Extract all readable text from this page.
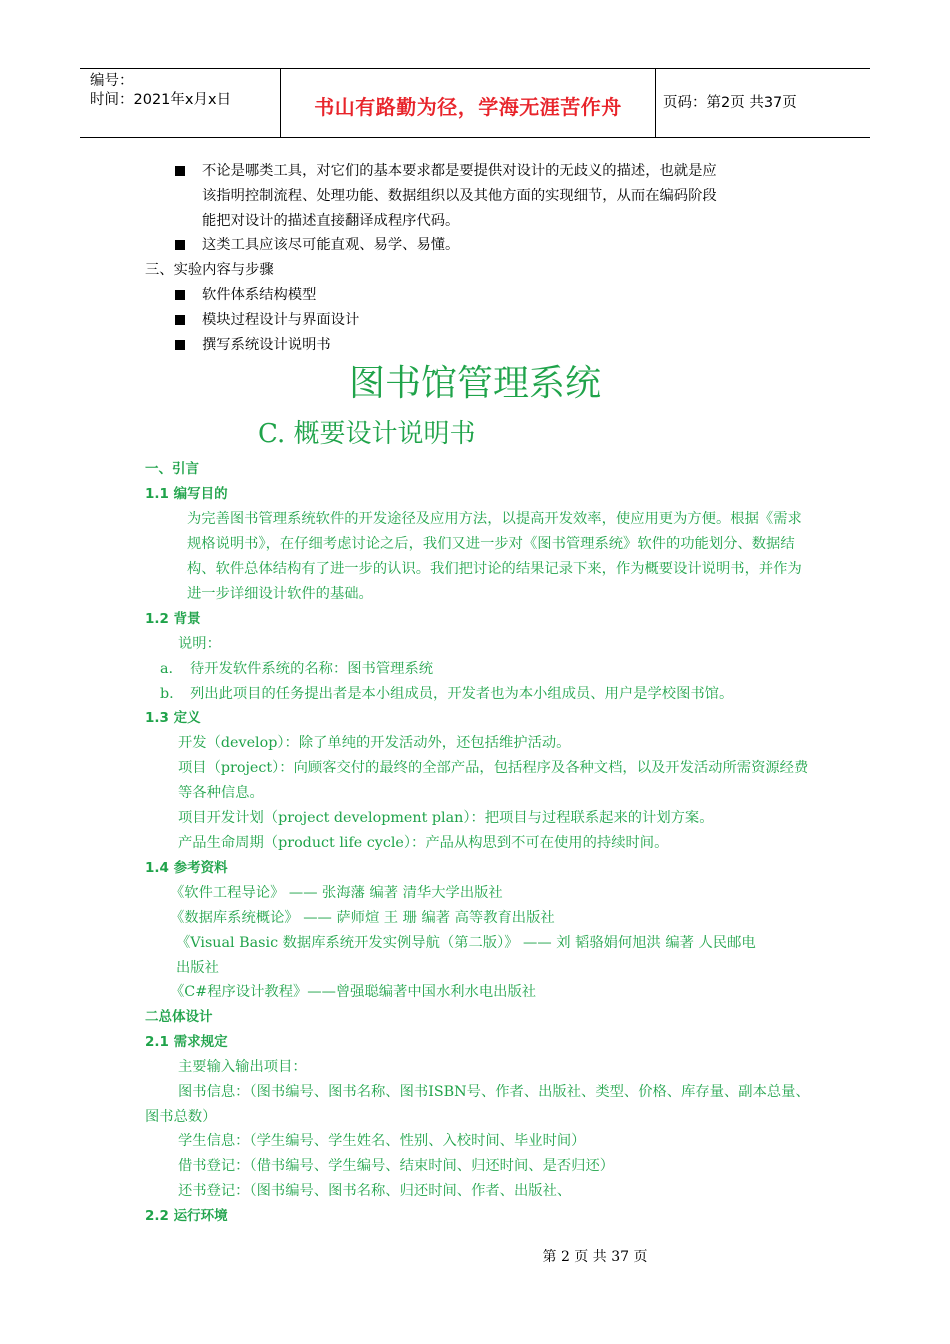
编号：
时间：2021年x月x日	书山有路勤为径，学海无涯苦作舟	页码：第2页 共37页
不论是哪类工具，对它们的基本要求都是要提供对设计的无歧义的描述，也就是应
该指明控制流程、处理功能、数据组织以及其他方面的实现细节，从而在编码阶段
能把对设计的描述直接翻译成程序代码。
这类工具应该尽可能直观、易学、易懂。
三、实验内容与步骤
软件体系结构模型
模块过程设计与界面设计
撰写系统设计说明书
图书馆管理系统
C. 概要设计说明书
一、引言
1.1 编写目的
为完善图书管理系统软件的开发途径及应用方法，以提高开发效率，使应用更为方便。根据《需求
规格说明书》，在仔细考虑讨论之后，我们又进一步对《图书管理系统》软件的功能划分、数据结
构、软件总体结构有了进一步的认识。我们把讨论的结果记录下来，作为概要设计说明书，并作为
进一步详细设计软件的基础。
1.2 背景
说明：
a. 待开发软件系统的名称：图书管理系统
b. 列出此项目的任务提出者是本小组成员，开发者也为本小组成员、用户是学校图书馆。
1.3 定义
开发（develop）：除了单纯的开发活动外，还包括维护活动。
项目（project）：向顾客交付的最终的全部产品，包括程序及各种文档，以及开发活动所需资源经费
等各种信息。
项目开发计划（project development plan）：把项目与过程联系起来的计划方案。
产品生命周期（product life cycle）：产品从构思到不可在使用的持续时间。
1.4 参考资料
《软件工程导论》 —— 张海藩 编著 清华大学出版社
《数据库系统概论》 —— 萨师煊 王 珊 编著 高等教育出版社
《Visual Basic 数据库系统开发实例导航（第二版）》 —— 刘 韬骆娟何旭洪 编著 人民邮电
出版社
《C#程序设计教程》——曾强聪编著中国水利水电出版社
二总体设计
2.1 需求规定
主要输入输出项目：
图书信息：（图书编号、图书名称、图书ISBN号、作者、出版社、类型、价格、库存量、副本总量、
图书总数）
学生信息：（学生编号、学生姓名、性别、入校时间、毕业时间）
借书登记：（借书编号、学生编号、结束时间、归还时间、是否归还）
还书登记：（图书编号、图书名称、归还时间、作者、出版社、
2.2 运行环境
第 2 页 共 37 页
